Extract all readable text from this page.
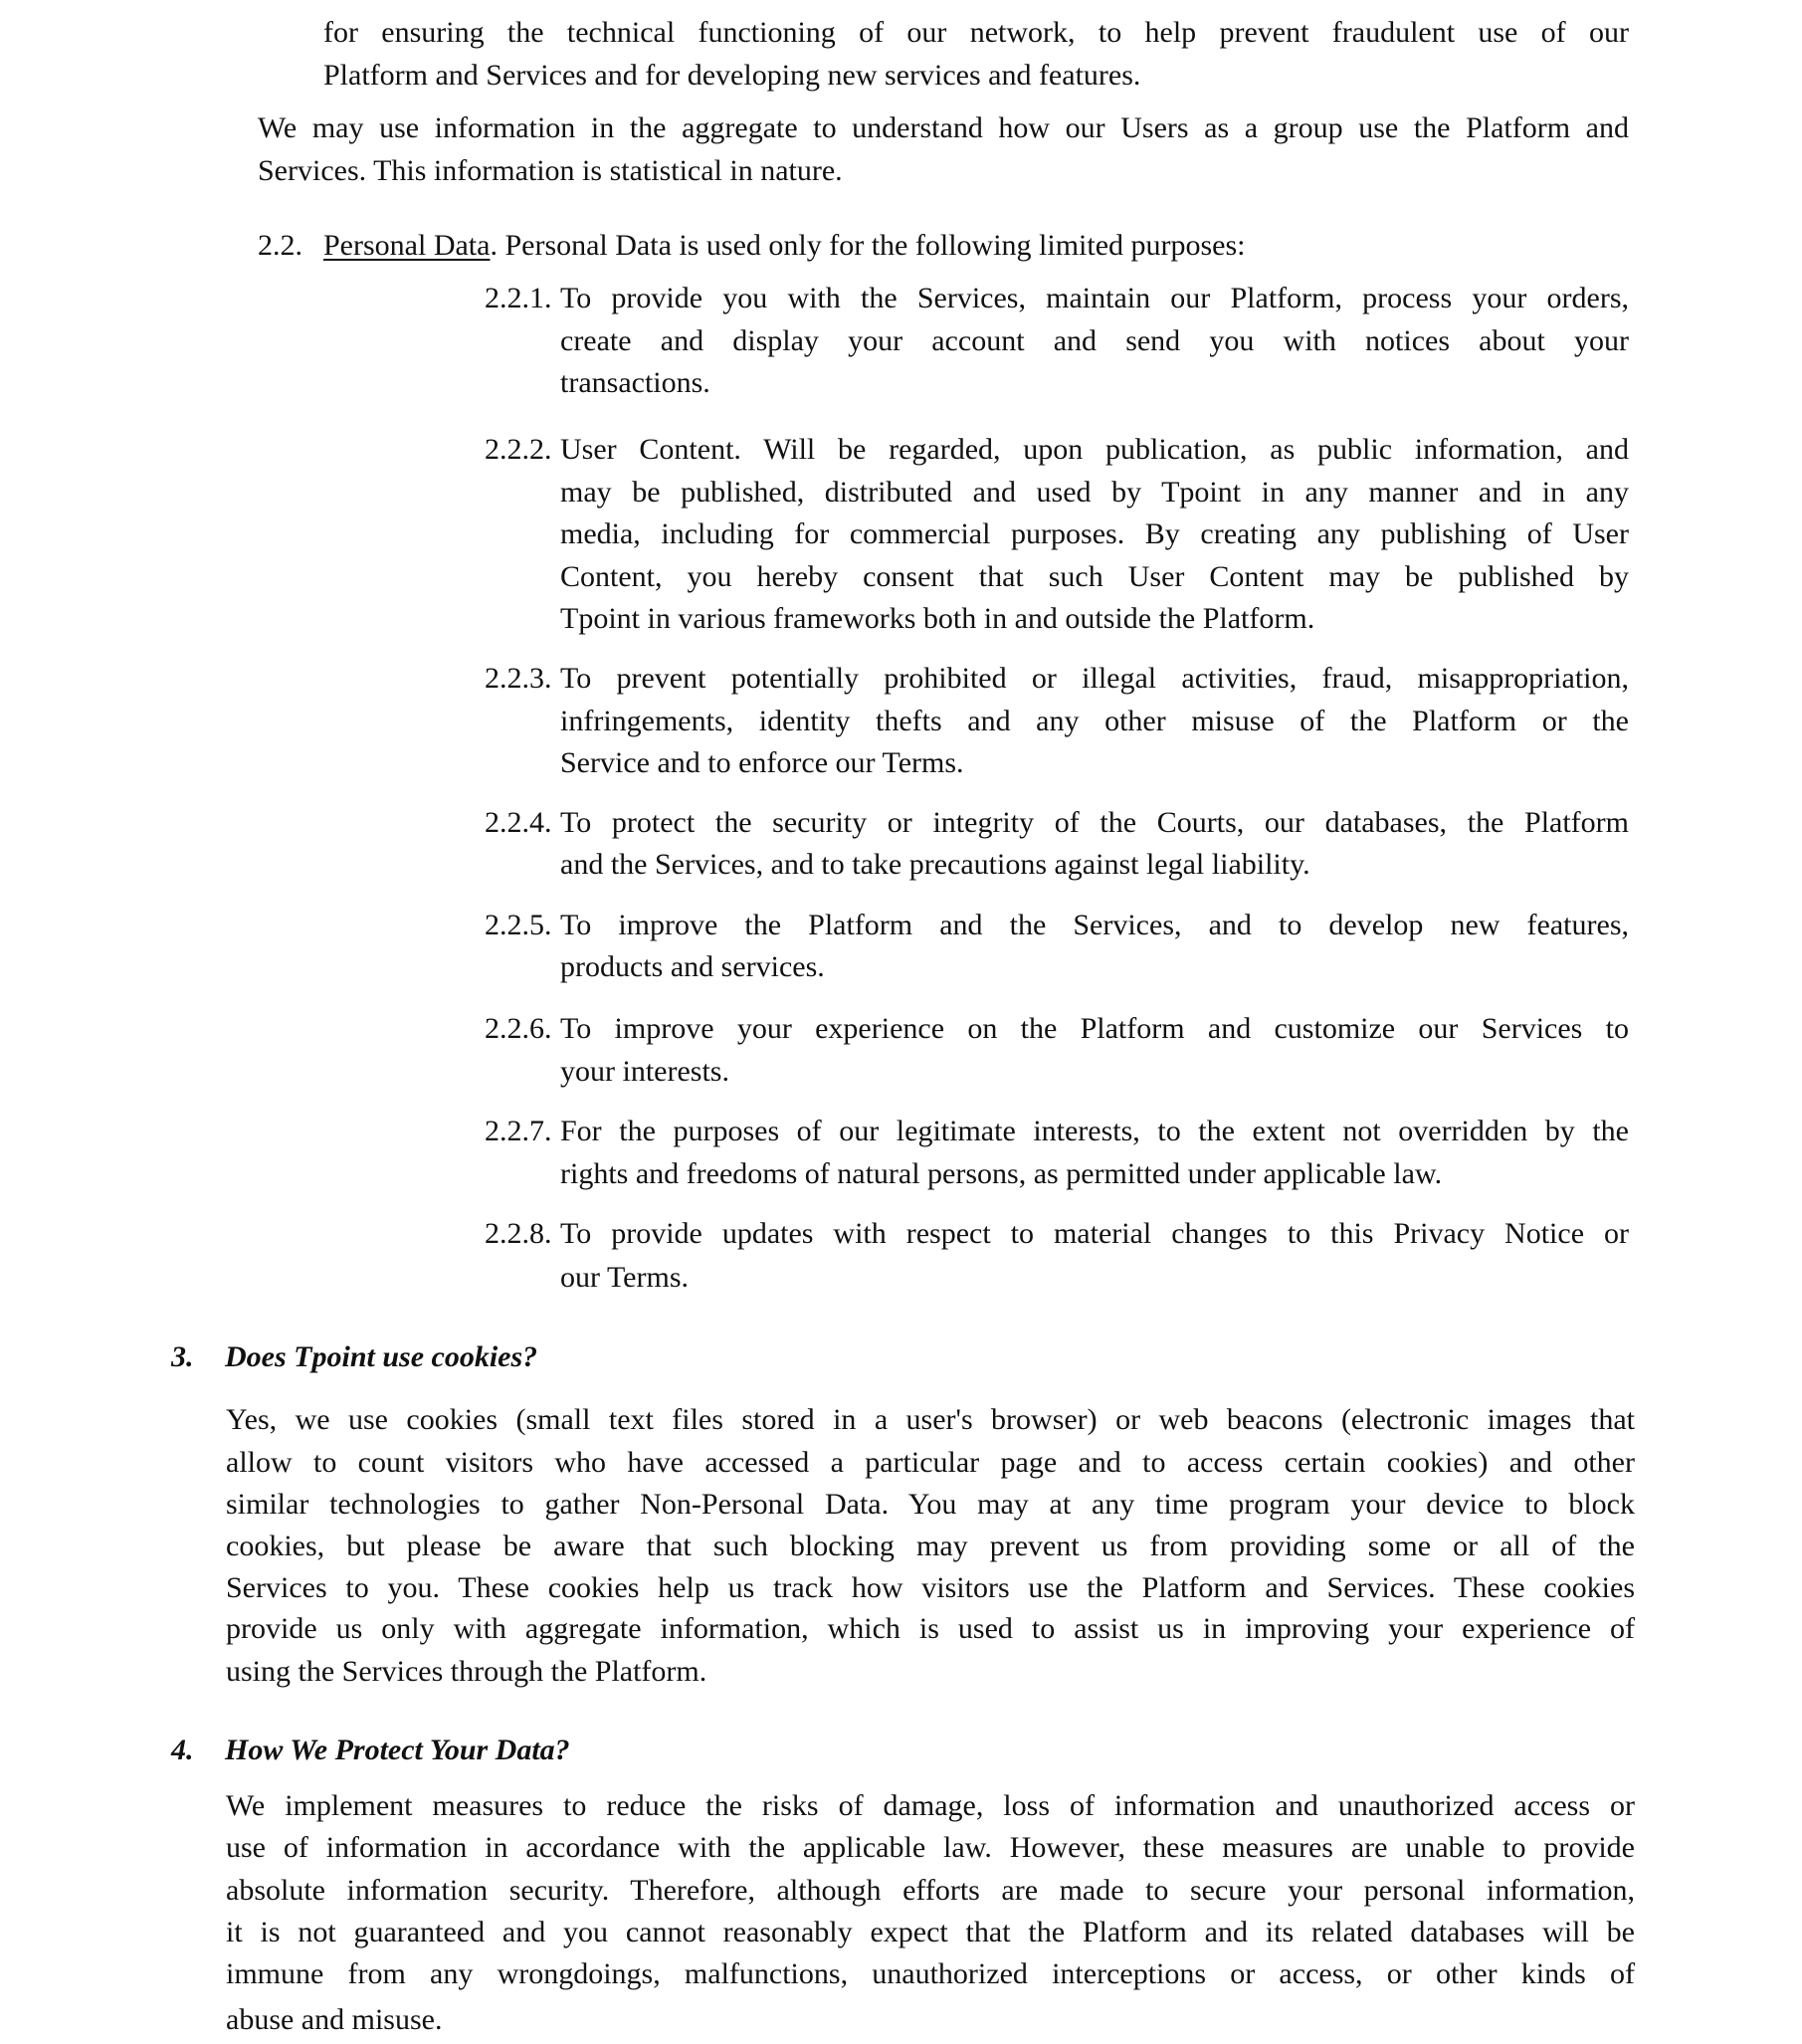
for ensuring the technical functioning of our network, to help prevent fraudulent use of our
Platform and Services and for developing new services and features.
We may use information in the aggregate to understand how our Users as a group use the Platform and
Services. This information is statistical in nature.
2.2. Personal Data. Personal Data is used only for the following limited purposes:
2.2.1. To provide you with the Services, maintain our Platform, process your orders,
create and display your account and send you with notices about your
transactions.
2.2.2. User Content. Will be regarded, upon publication, as public information, and
may be published, distributed and used by Tpoint in any manner and in any
media, including for commercial purposes. By creating any publishing of User
Content, you hereby consent that such User Content may be published by
Tpoint in various frameworks both in and outside the Platform.
2.2.3. To prevent potentially prohibited or illegal activities, fraud, misappropriation,
infringements, identity thefts and any other misuse of the Platform or the
Service and to enforce our Terms.
2.2.4. To protect the security or integrity of the Courts, our databases, the Platform
and the Services, and to take precautions against legal liability.
2.2.5. To improve the Platform and the Services, and to develop new features,
products and services.
2.2.6. To improve your experience on the Platform and customize our Services to
your interests.
2.2.7. For the purposes of our legitimate interests, to the extent not overridden by the
rights and freedoms of natural persons, as permitted under applicable law.
2.2.8. To provide updates with respect to material changes to this Privacy Notice or
our Terms.
3. Does Tpoint use cookies?
Yes, we use cookies (small text files stored in a user's browser) or web beacons (electronic images that
allow to count visitors who have accessed a particular page and to access certain cookies) and other
similar technologies to gather Non-Personal Data. You may at any time program your device to block
cookies, but please be aware that such blocking may prevent us from providing some or all of the
Services to you. These cookies help us track how visitors use the Platform and Services. These cookies
provide us only with aggregate information, which is used to assist us in improving your experience of
using the Services through the Platform.
4. How We Protect Your Data?
We implement measures to reduce the risks of damage, loss of information and unauthorized access or
use of information in accordance with the applicable law. However, these measures are unable to provide
absolute information security. Therefore, although efforts are made to secure your personal information,
it is not guaranteed and you cannot reasonably expect that the Platform and its related databases will be
immune from any wrongdoings, malfunctions, unauthorized interceptions or access, or other kinds of
abuse and misuse.
